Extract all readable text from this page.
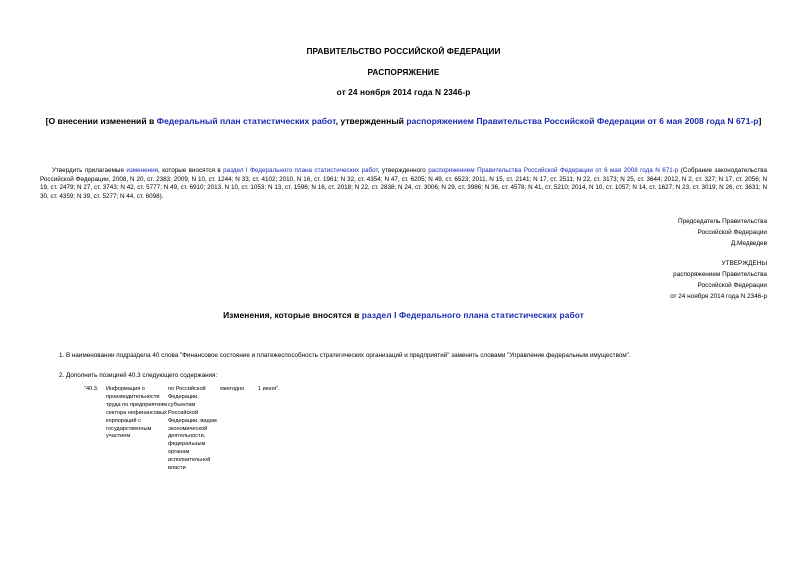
ПРАВИТЕЛЬСТВО РОССИЙСКОЙ ФЕДЕРАЦИИ
РАСПОРЯЖЕНИЕ
от 24 ноября 2014 года N 2346-р
[О внесении изменений в Федеральный план статистических работ, утвержденный распоряжением Правительства Российской Федерации от 6 мая 2008 года N 671-р]
Утвердить прилагаемые изменения, которые вносятся в раздел I Федерального плана статистических работ, утвержденного распоряжением Правительства Российской Федерации от 6 мая 2008 года N 671-р (Собрание законодательства Российской Федерации, 2008, N 20, ст. 2383; 2009, N 10, ст. 1244; N 33, ст. 4102; 2010, N 16, ст. 1961; N 32, ст. 4354; N 47, ст. 6205; N 49, ст. 6523; 2011, N 15, ст. 2141; N 17, ст. 2511; N 22, ст. 3173; N 25, ст. 3644; 2012, N 2, ст. 327; N 17, ст. 2056; N 19, ст. 2479; N 27, ст. 3743; N 42, ст. 5777; N 49, ст. 6910; 2013, N 10, ст. 1053; N 13, ст. 1596; N 16, ст. 2018; N 22, ст. 2838; N 24, ст. 3006; N 29, ст. 3986; N 36, ст. 4578; N 41, ст. 5210; 2014, N 10, ст. 1057; N 14, ст. 1627; N 23, ст. 3019; N 26, ст. 3631; N 30, ст. 4359; N 39, ст. 5277; N 44, ст. 6098).
Председатель Правительства
Российской Федерации
Д.Медведев
УТВЕРЖДЕНЫ
распоряжением Правительства
Российской Федерации
от 24 ноября 2014 года N 2346-р
Изменения, которые вносятся в раздел I Федерального плана статистических работ
1. В наименовании подраздела 40 слова "Финансовое состояние и платежеспособность стратегических организаций и предприятий" заменить словами "Управление федеральным имуществом".
2. Дополнить позицией 40.3 следующего содержания:
"40.3.	Информация о производительности труда по предприятиям сектора нефинансовых корпораций с государственным участием	по Российской Федерации, субъектам Российской Федерации, видам экономической деятельности, федеральным органам исполнительной власти	ежегодно	1 июня".
